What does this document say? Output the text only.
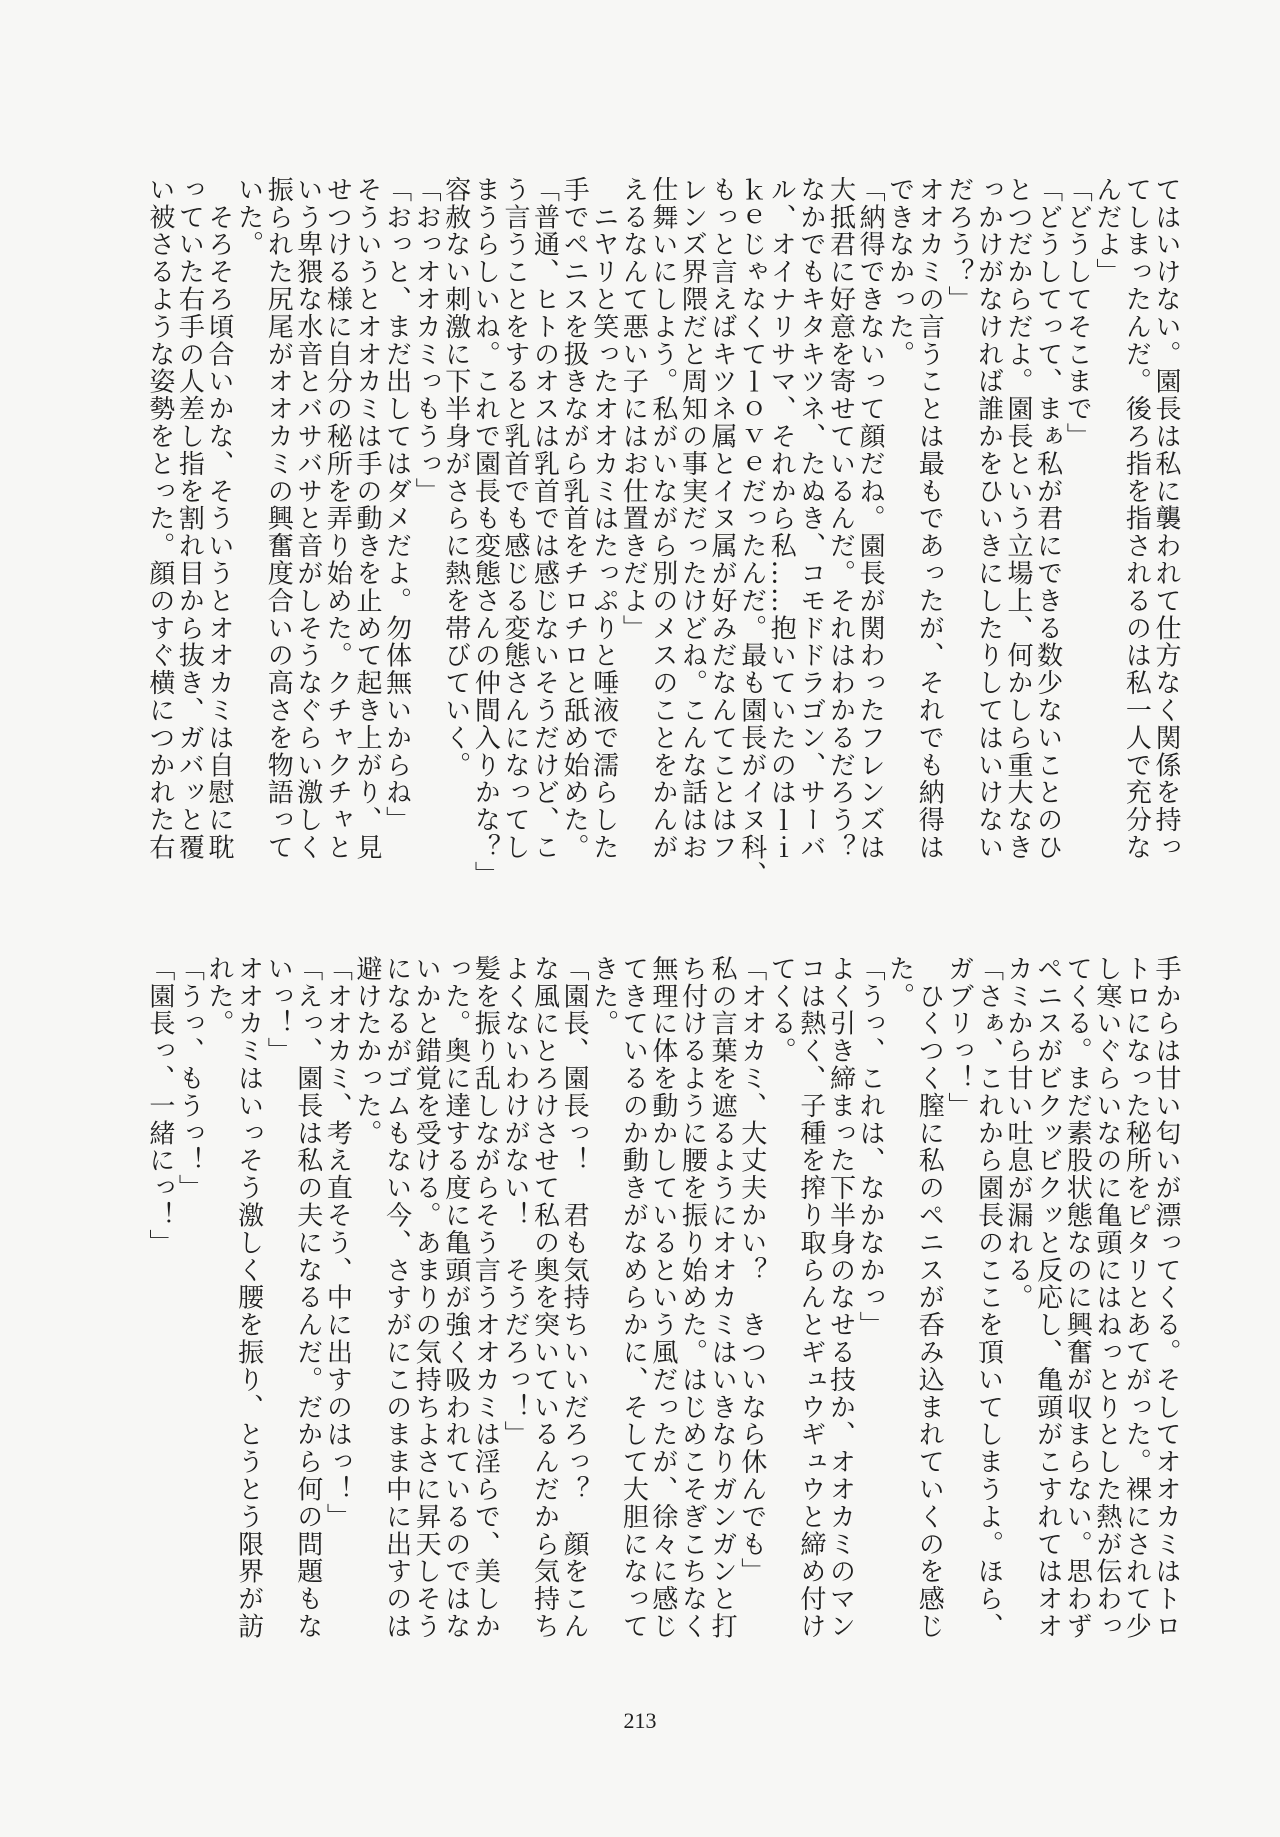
てはいけない。園長は私に襲われて仕方なく関係を持っ
てしまったんだ。後ろ指を指されるのは私一人で充分な
んだよ」
「どうしてそこまで」
「どうしてって、まぁ私が君にできる数少ないことのひ
とつだからだよ。園長という立場上、何かしら重大なき
っかけがなければ誰かをひいきにしたりしてはいけない
だろう？」
オオカミの言うことは最もであったが、それでも納得は
できなかった。
「納得できないって顔だね。園長が関わったフレンズは
大抵君に好意を寄せているんだ。それはわかるだろう？
なかでもキタキツネ、たぬき、コモドドラゴン、サーバ
ル、オイナリサマ、それから私……抱いていたのはｌｉ
ｋｅじゃなくてｌｏｖｅだったんだ。最も園長がイヌ科、
もっと言えばキツネ属とイヌ属が好みだなんてことはフ
レンズ界隈だと周知の事実だったけどね。こんな話はお
仕舞いにしよう。私がいながら別のメスのことをかんが
えるなんて悪い子にはお仕置きだよ」
　ニヤリと笑ったオオカミはたっぷりと唾液で濡らした
手でペニスを扱きながら乳首をチロチロと舐め始めた。
「普通、ヒトのオスは乳首では感じないそうだけど、こ
う言うことをすると乳首でも感じる変態さんになってし
まうらしいね。これで園長も変態さんの仲間入りかな？」
容赦ない刺激に下半身がさらに熱を帯びていく。
「おっオオカミっもうっ」
「おっと、まだ出してはダメだよ。勿体無いからね」
そういうとオオカミは手の動きを止めて起き上がり、見
せつける様に自分の秘所を弄り始めた。クチャクチャと
いう卑猥な水音とバサバサと音がしそうなぐらい激しく
振られた尻尾がオオカミの興奮度合いの高さを物語って
いた。
　そろそろ頃合いかな、そういうとオオカミは自慰に耽
っていた右手の人差し指を割れ目から抜き、ガバッと覆
い被さるような姿勢をとった。顔のすぐ横につかれた右
手からは甘い匂いが漂ってくる。そしてオオカミはトロ
トロになった秘所をピタリとあてがった。裸にされて少
し寒いぐらいなのに亀頭にはねっとりとした熱が伝わっ
てくる。まだ素股状態なのに興奮が収まらない。思わず
ペニスがビクッビクッと反応し、亀頭がこすれてはオオ
カミから甘い吐息が漏れる。
「さぁ、これから園長のここを頂いてしまうよ。ほら、
ガブリっ！」
　ひくつく膣に私のペニスが呑み込まれていくのを感じ
た。
「うっ、これは、なかなかっ」
よく引き締まった下半身のなせる技か、オオカミのマン
コは熱く、子種を搾り取らんとギュウギュウと締め付け
てくる。
「オオカミ、大丈夫かい？　きついなら休んでも」
私の言葉を遮るようにオオカミはいきなりガンガンと打
ち付けるように腰を振り始めた。はじめこそぎこちなく
無理に体を動かしているという風だったが、徐々に感じ
てきているのか動きがなめらかに、そして大胆になって
きた。
「園長、園長っ！　君も気持ちいいだろっ？　顔をこん
な風にとろけさせて私の奥を突いているんだから気持ち
よくないわけがない！　そうだろっ！」
髪を振り乱しながらそう言うオオカミは淫らで、美しか
った。奥に達する度に亀頭が強く吸われているのではな
いかと錯覚を受ける。あまりの気持ちよさに昇天しそう
になるがゴムもない今、さすがにこのまま中に出すのは
避けたかった。
「オオカミ、考え直そう、中に出すのはっ！」
「えっ、園長は私の夫になるんだ。だから何の問題もな
いっ！」
オオカミはいっそう激しく腰を振り、とうとう限界が訪
れた。
「うっ、もうっ！」
「園長っ、一緒にっ！」
213
